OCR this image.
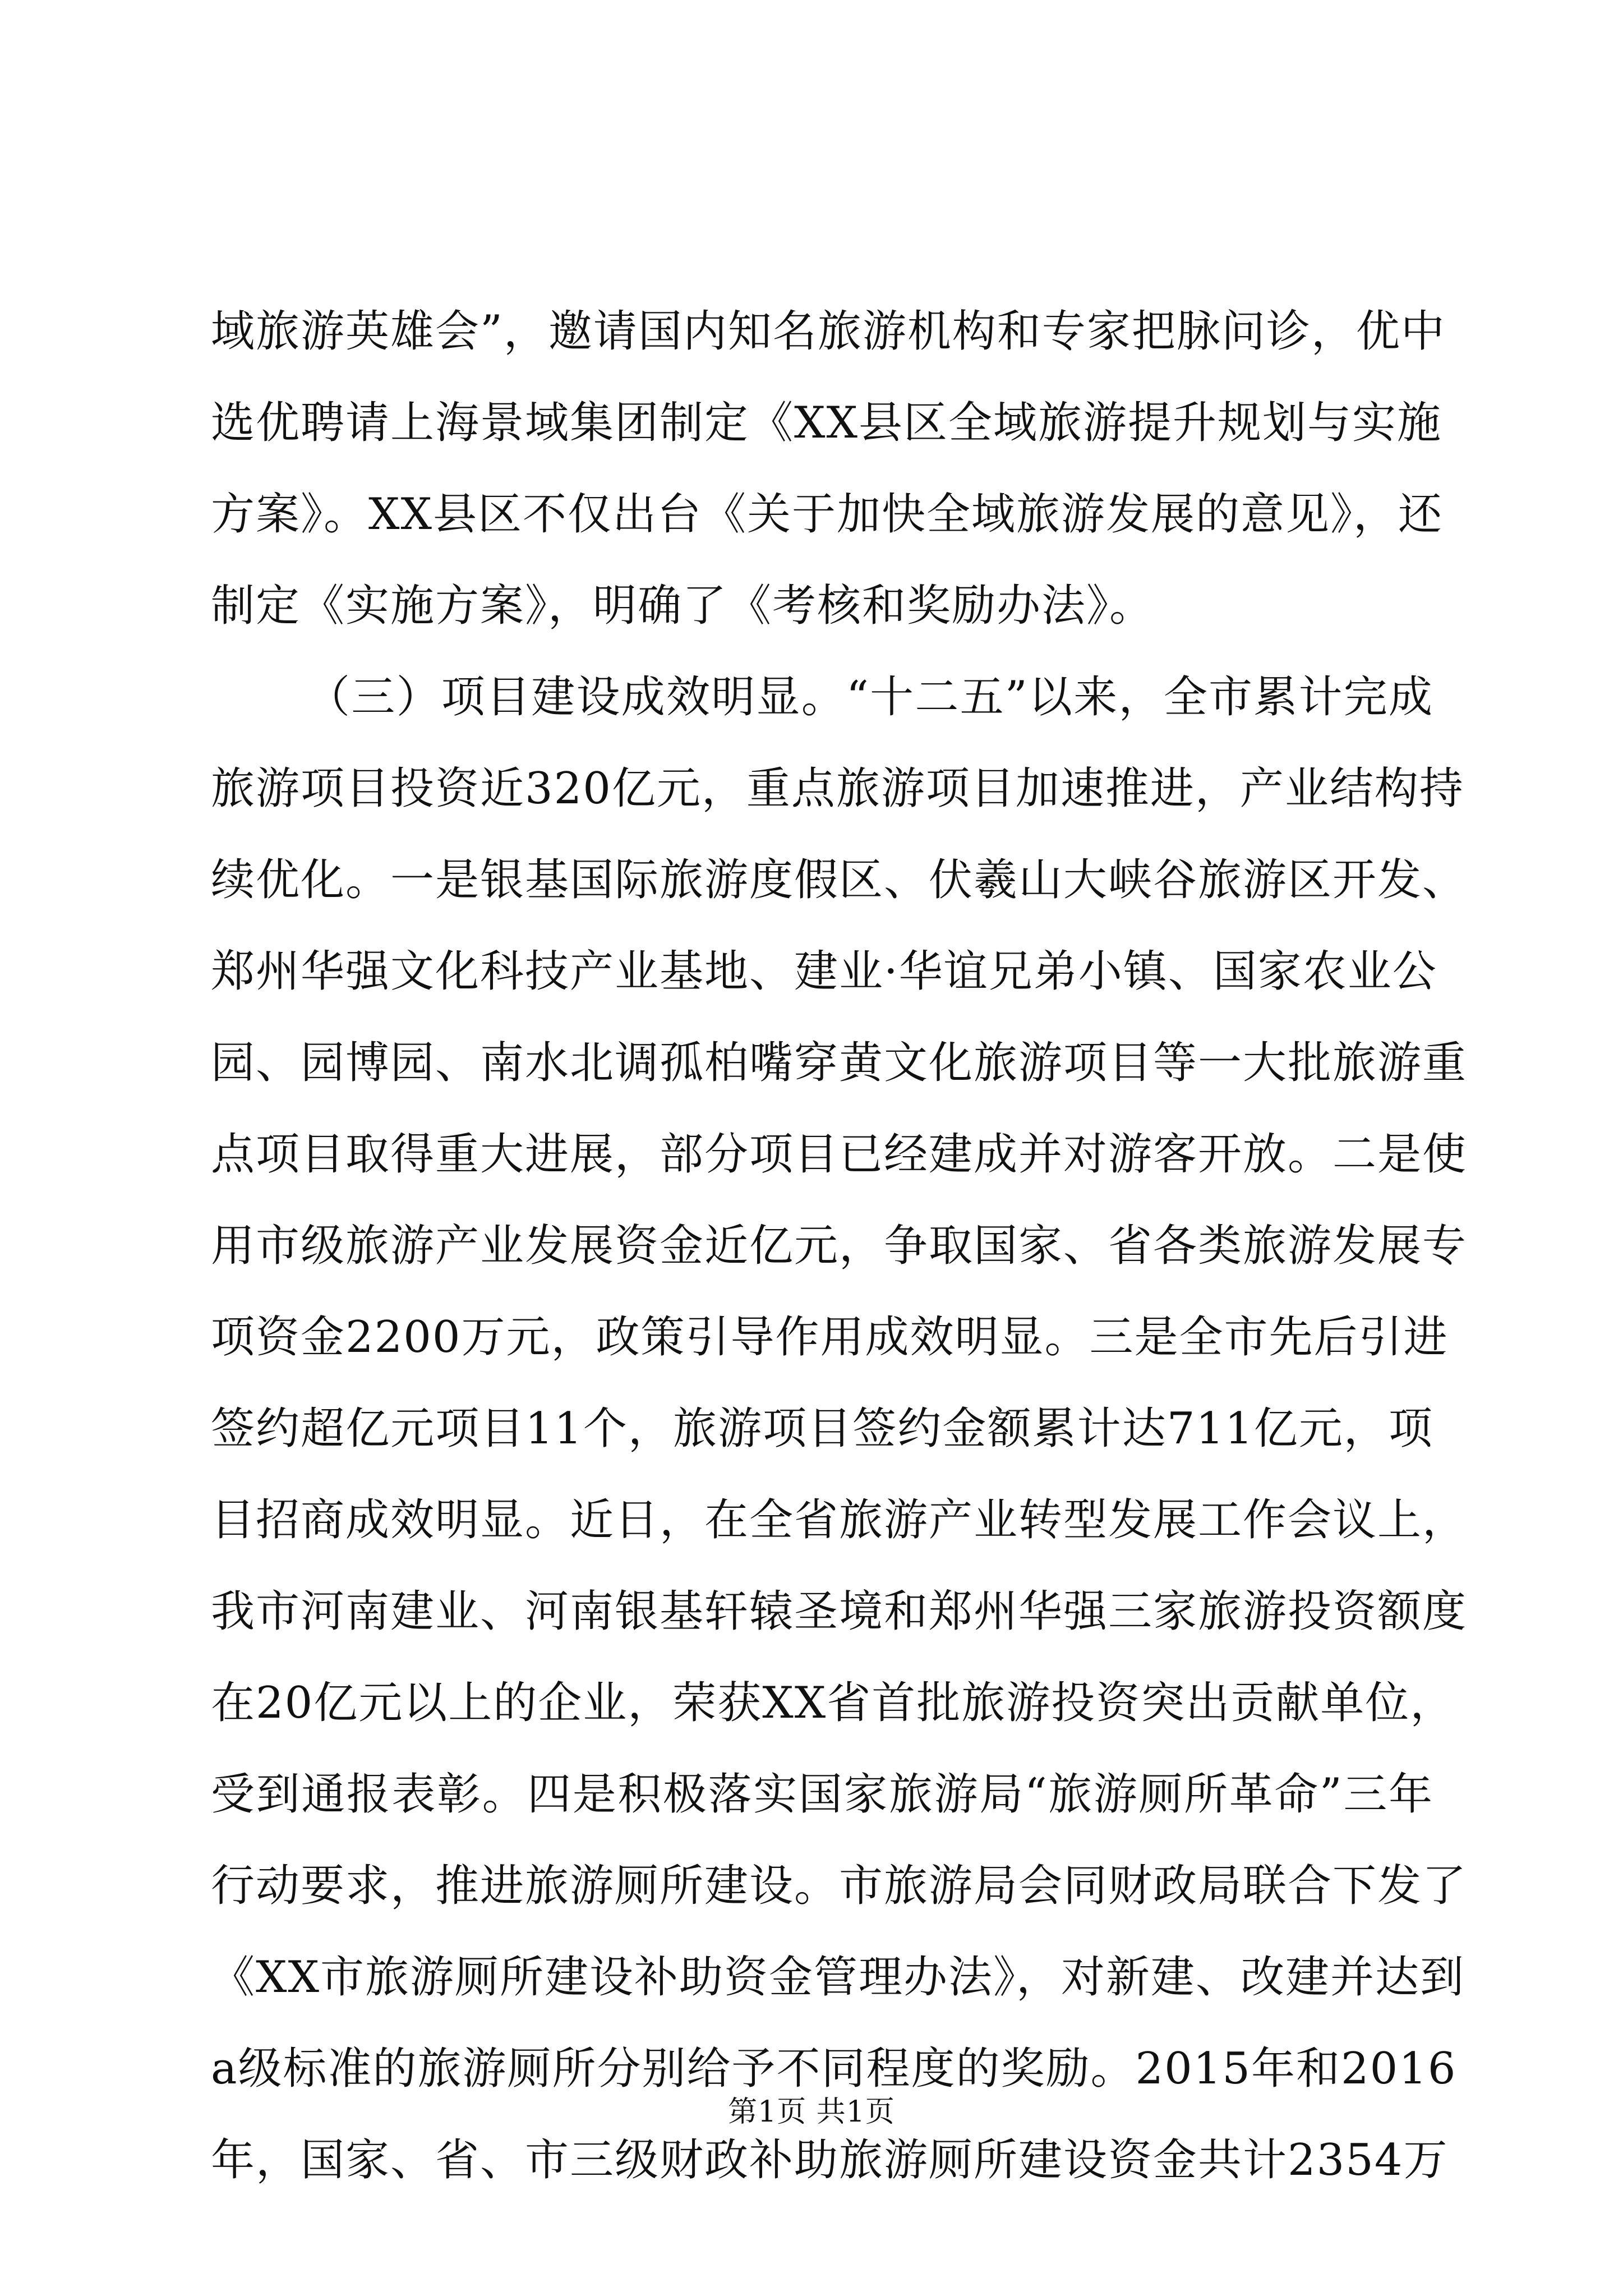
域旅游英雄会”，邀请国内知名旅游机构和专家把脉问诊，优中
选优聘请上海景域集团制定《XX县区全域旅游提升规划与实施
方案》。XX县区不仅出台《关于加快全域旅游发展的意见》，还
制定《实施方案》，明确了《考核和奖励办法》。
（三）项目建设成效明显。“十二五”以来，全市累计完成
旅游项目投资近320亿元，重点旅游项目加速推进，产业结构持
续优化。一是银基国际旅游度假区、伏羲山大峡谷旅游区开发、
郑州华强文化科技产业基地、建业·华谊兄弟小镇、国家农业公
园、园博园、南水北调孤柏嘴穿黄文化旅游项目等一大批旅游重
点项目取得重大进展，部分项目已经建成并对游客开放。二是使
用市级旅游产业发展资金近亿元，争取国家、省各类旅游发展专
项资金2200万元，政策引导作用成效明显。三是全市先后引进
签约超亿元项目11个，旅游项目签约金额累计达711亿元，项
目招商成效明显。近日，在全省旅游产业转型发展工作会议上，
我市河南建业、河南银基轩辕圣境和郑州华强三家旅游投资额度
在20亿元以上的企业，荣获XX省首批旅游投资突出贡献单位，
受到通报表彰。四是积极落实国家旅游局“旅游厕所革命”三年
行动要求，推进旅游厕所建设。市旅游局会同财政局联合下发了
《XX市旅游厕所建设补助资金管理办法》，对新建、改建并达到
a级标准的旅游厕所分别给予不同程度的奖励。2015年和2016
年，国家、省、市三级财政补助旅游厕所建设资金共计2354万
第1页 共1页
